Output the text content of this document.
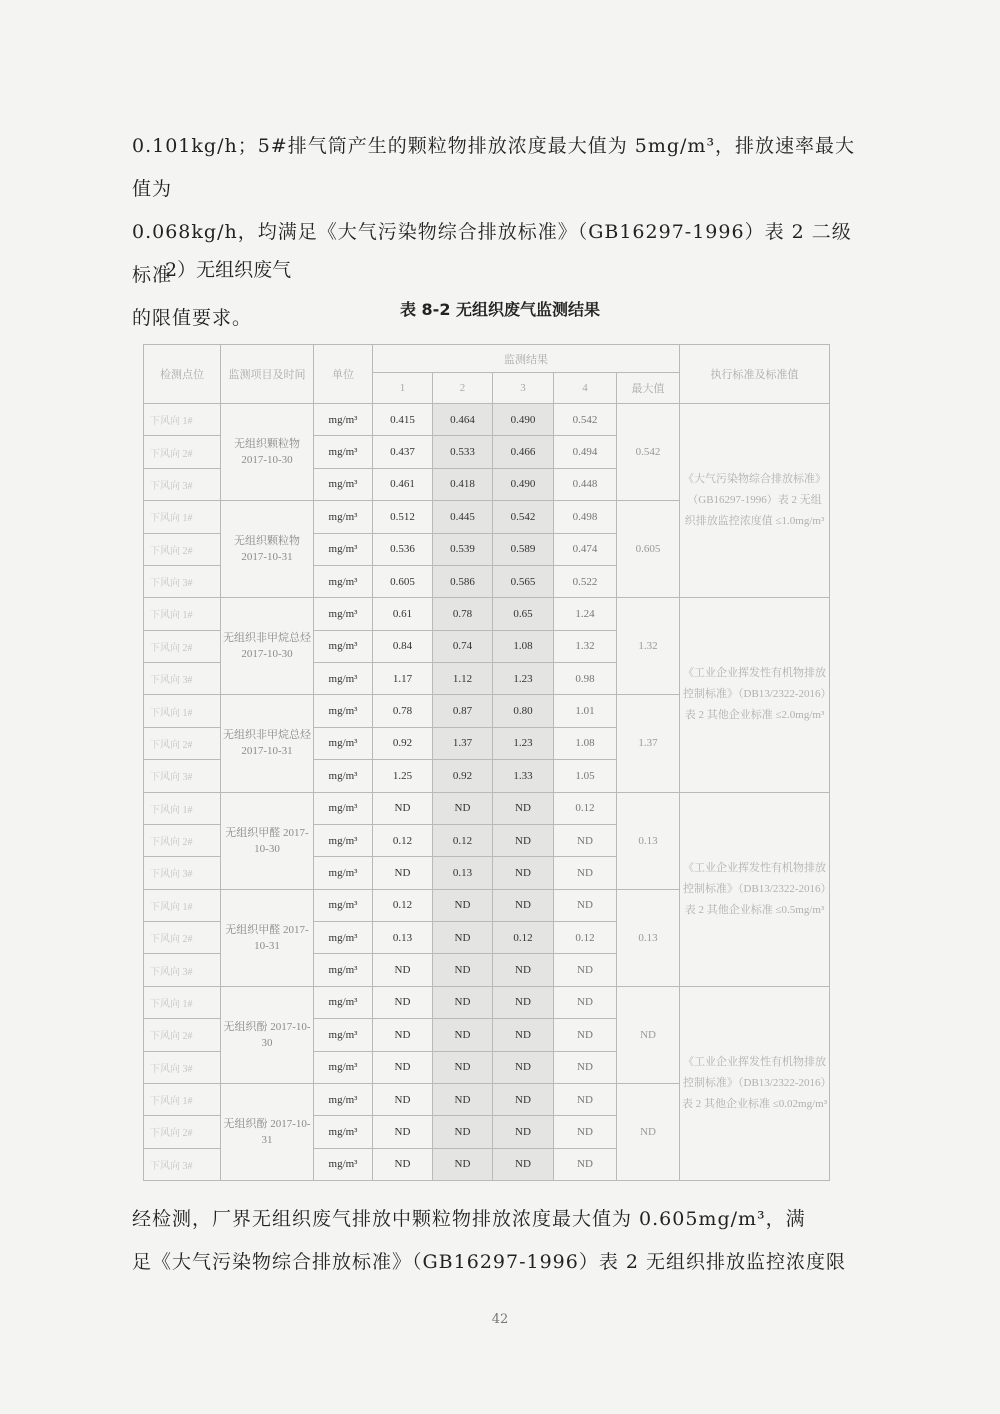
0.101kg/h；5#排气筒产生的颗粒物排放浓度最大值为 5mg/m³，排放速率最大值为

0.068kg/h，均满足《大气污染物综合排放标准》（GB16297-1996）表 2 二级标准

的限值要求。

2）无组织废气
表 8-2 无组织废气监测结果
检测点位	监测项目及时间	单位	监测结果					执行标准及标准值
			1	2	3	4	最大值	
下风向 1#	无组织颗粒物 2017-10-30	mg/m³	0.415	0.464	0.490	0.542	0.542	《大气污染物综合排放标准》（GB16297-1996）表 2 无组织排放监控浓度值 ≤1.0mg/m³
下风向 2#		mg/m³	0.437	0.533	0.466	0.494		
下风向 3#		mg/m³	0.461	0.418	0.490	0.448		
下风向 1#	无组织颗粒物 2017-10-31	mg/m³	0.512	0.445	0.542	0.498	0.605	
下风向 2#		mg/m³	0.536	0.539	0.589	0.474		
下风向 3#		mg/m³	0.605	0.586	0.565	0.522		
下风向 1#	无组织非甲烷总烃 2017-10-30	mg/m³	0.61	0.78	0.65	1.24	1.32	《工业企业挥发性有机物排放控制标准》（DB13/2322-2016）表 2 其他企业标准 ≤2.0mg/m³
下风向 2#		mg/m³	0.84	0.74	1.08	1.32		
下风向 3#		mg/m³	1.17	1.12	1.23	0.98		
下风向 1#	无组织非甲烷总烃 2017-10-31	mg/m³	0.78	0.87	0.80	1.01	1.37	
下风向 2#		mg/m³	0.92	1.37	1.23	1.08		
下风向 3#		mg/m³	1.25	0.92	1.33	1.05		
下风向 1#	无组织甲醛 2017-10-30	mg/m³	ND	ND	ND	0.12	0.13	《工业企业挥发性有机物排放控制标准》（DB13/2322-2016）表 2 其他企业标准 ≤0.5mg/m³
下风向 2#		mg/m³	0.12	0.12	ND	ND		
下风向 3#		mg/m³	ND	0.13	ND	ND		
下风向 1#	无组织甲醛 2017-10-31	mg/m³	0.12	ND	ND	ND	0.13	
下风向 2#		mg/m³	0.13	ND	0.12	0.12		
下风向 3#		mg/m³	ND	ND	ND	ND		
下风向 1#	无组织酚 2017-10-30	mg/m³	ND	ND	ND	ND	ND	《工业企业挥发性有机物排放控制标准》（DB13/2322-2016）表 2 其他企业标准 ≤0.02mg/m³
下风向 2#		mg/m³	ND	ND	ND	ND		
下风向 3#		mg/m³	ND	ND	ND	ND		
下风向 1#	无组织酚 2017-10-31	mg/m³	ND	ND	ND	ND	ND	
下风向 2#		mg/m³	ND	ND	ND	ND		
下风向 3#		mg/m³	ND	ND	ND	ND		

经检测，厂界无组织废气排放中颗粒物排放浓度最大值为 0.605mg/m³，满

足《大气污染物综合排放标准》（GB16297-1996）表 2 无组织排放监控浓度限

42
